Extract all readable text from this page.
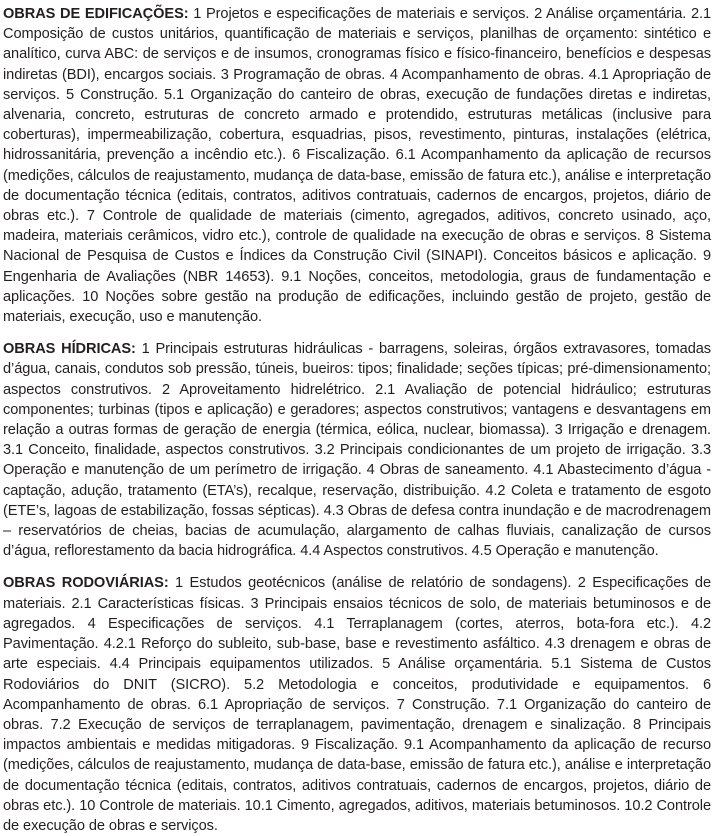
OBRAS DE EDIFICAÇÕES: 1 Projetos e especificações de materiais e serviços. 2 Análise orçamentária. 2.1 Composição de custos unitários, quantificação de materiais e serviços, planilhas de orçamento: sintético e analítico, curva ABC: de serviços e de insumos, cronogramas físico e físico-financeiro, benefícios e despesas indiretas (BDI), encargos sociais. 3 Programação de obras. 4 Acompanhamento de obras. 4.1 Apropriação de serviços. 5 Construção. 5.1 Organização do canteiro de obras, execução de fundações diretas e indiretas, alvenaria, concreto, estruturas de concreto armado e protendido, estruturas metálicas (inclusive para coberturas), impermeabilização, cobertura, esquadrias, pisos, revestimento, pinturas, instalações (elétrica, hidrossanitária, prevenção a incêndio etc.). 6 Fiscalização. 6.1 Acompanhamento da aplicação de recursos (medições, cálculos de reajustamento, mudança de data-base, emissão de fatura etc.), análise e interpretação de documentação técnica (editais, contratos, aditivos contratuais, cadernos de encargos, projetos, diário de obras etc.). 7 Controle de qualidade de materiais (cimento, agregados, aditivos, concreto usinado, aço, madeira, materiais cerâmicos, vidro etc.), controle de qualidade na execução de obras e serviços. 8 Sistema Nacional de Pesquisa de Custos e Índices da Construção Civil (SINAPI). Conceitos básicos e aplicação. 9 Engenharia de Avaliações (NBR 14653). 9.1 Noções, conceitos, metodologia, graus de fundamentação e aplicações. 10 Noções sobre gestão na produção de edificações, incluindo gestão de projeto, gestão de materiais, execução, uso e manutenção.

OBRAS HÍDRICAS: 1 Principais estruturas hidráulicas - barragens, soleiras, órgãos extravasores, tomadas d’água, canais, condutos sob pressão, túneis, bueiros: tipos; finalidade; seções típicas; pré-dimensionamento; aspectos construtivos. 2 Aproveitamento hidrelétrico. 2.1 Avaliação de potencial hidráulico; estruturas componentes; turbinas (tipos e aplicação) e geradores; aspectos construtivos; vantagens e desvantagens em relação a outras formas de geração de energia (térmica, eólica, nuclear, biomassa). 3 Irrigação e drenagem. 3.1 Conceito, finalidade, aspectos construtivos. 3.2 Principais condicionantes de um projeto de irrigação. 3.3 Operação e manutenção de um perímetro de irrigação. 4 Obras de saneamento. 4.1 Abastecimento d’água - captação, adução, tratamento (ETA’s), recalque, reservação, distribuição. 4.2 Coleta e tratamento de esgoto (ETE’s, lagoas de estabilização, fossas sépticas). 4.3 Obras de defesa contra inundação e de macrodrenagem – reservatórios de cheias, bacias de acumulação, alargamento de calhas fluviais, canalização de cursos d’água, reflorestamento da bacia hidrográfica. 4.4 Aspectos construtivos. 4.5 Operação e manutenção.

OBRAS RODOVIÁRIAS: 1 Estudos geotécnicos (análise de relatório de sondagens). 2 Especificações de materiais. 2.1 Características físicas. 3 Principais ensaios técnicos de solo, de materiais betuminosos e de agregados. 4 Especificações de serviços. 4.1 Terraplanagem (cortes, aterros, bota-fora etc.). 4.2 Pavimentação. 4.2.1 Reforço do subleito, sub-base, base e revestimento asfáltico. 4.3 drenagem e obras de arte especiais. 4.4 Principais equipamentos utilizados. 5 Análise orçamentária. 5.1 Sistema de Custos Rodoviários do DNIT (SICRO). 5.2 Metodologia e conceitos, produtividade e equipamentos. 6 Acompanhamento de obras. 6.1 Apropriação de serviços. 7 Construção. 7.1 Organização do canteiro de obras. 7.2 Execução de serviços de terraplanagem, pavimentação, drenagem e sinalização. 8 Principais impactos ambientais e medidas mitigadoras. 9 Fiscalização. 9.1 Acompanhamento da aplicação de recurso (medições, cálculos de reajustamento, mudança de data-base, emissão de fatura etc.), análise e interpretação de documentação técnica (editais, contratos, aditivos contratuais, cadernos de encargos, projetos, diário de obras etc.). 10 Controle de materiais. 10.1 Cimento, agregados, aditivos, materiais betuminosos. 10.2 Controle de execução de obras e serviços.
